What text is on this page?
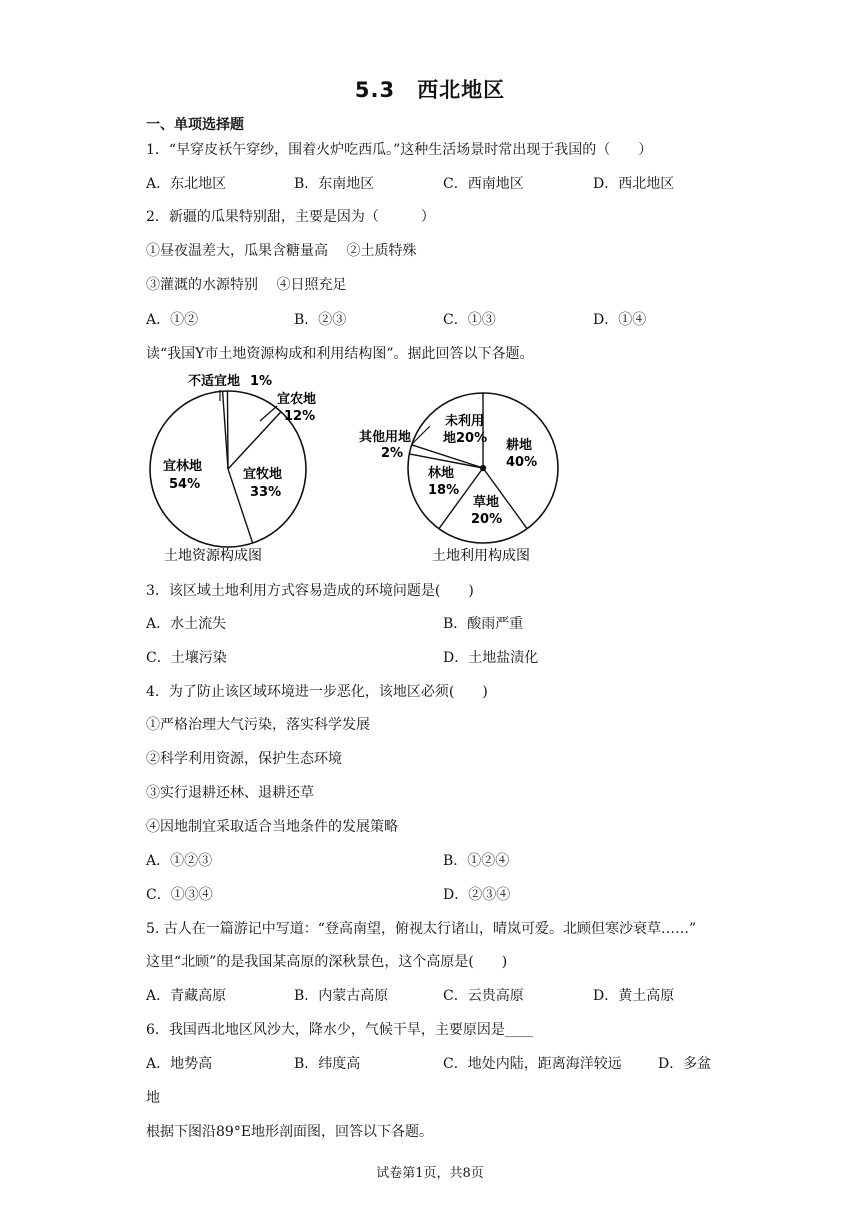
5.3　西北地区
一、单项选择题
1．“早穿皮袄午穿纱，围着火炉吃西瓜。”这种生活场景时常出现于我国的（　　）
A．东北地区	B．东南地区	C．西南地区	D．西北地区
2．新疆的瓜果特别甜，主要是因为（　　　）
①昼夜温差大，瓜果含糖量高　 ②土质特殊
③灌溉的水源特别　 ④日照充足
A．①②	B．②③	C．①③	D．①④
读“我国Y市土地资源构成和利用结构图”。据此回答以下各题。
不适宜地 1%
宜农地
12%
宜牧地
33%
宜林地
54%
土地资源构成图
其他用地
2%
未利用
地20% 耕地
40%
林地
18%
草地
20%
土地利用构成图
3．该区域土地利用方式容易造成的环境问题是(　　)
A．水土流失	B．酸雨严重
C．土壤污染	D．土地盐渍化
4．为了防止该区域环境进一步恶化，该地区必须(　　)
①严格治理大气污染，落实科学发展
②科学利用资源，保护生态环境
③实行退耕还林、退耕还草
④因地制宜采取适合当地条件的发展策略
A．①②③	B．①②④
C．①③④	D．②③④
5. 古人在一篇游记中写道：“登高南望，俯视太行诸山，晴岚可爱。北顾但寒沙衰草……”
这里“北顾”的是我国某高原的深秋景色，这个高原是(　　)
A．青藏高原	B．内蒙古高原	C．云贵高原	D．黄土高原
6．我国西北地区风沙大，降水少，气候干旱，主要原因是____
A．地势高	B．纬度高	C．地处内陆，距离海洋较远	D．多盆
地
根据下图沿89°E地形剖面图，回答以下各题。
试卷第1页，共8页
